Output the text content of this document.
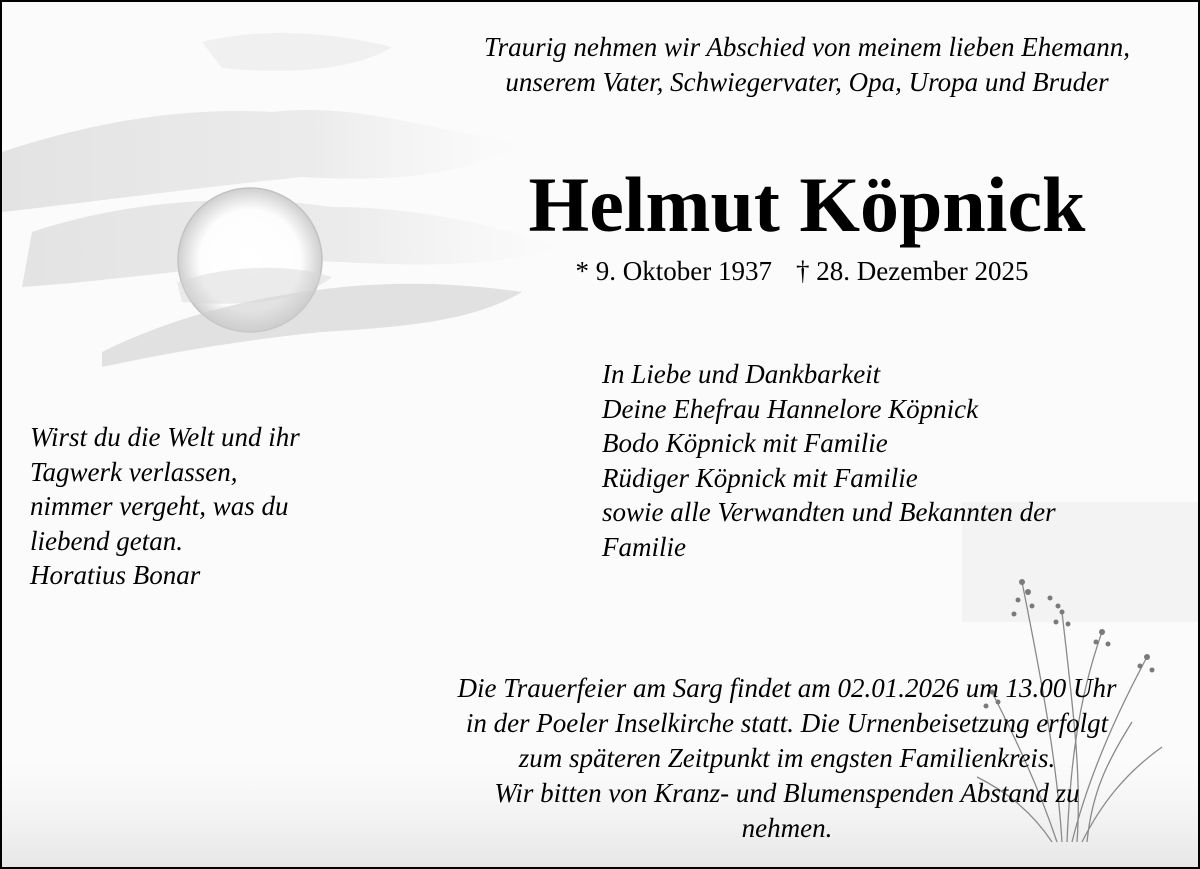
Traurig nehmen wir Abschied von meinem lieben Ehemann,
unserem Vater, Schwiegervater, Opa, Uropa und Bruder
Helmut Köpnick
* 9. Oktober 1937 † 28. Dezember 2025
In Liebe und Dankbarkeit
Deine Ehefrau Hannelore Köpnick
Bodo Köpnick mit Familie
Rüdiger Köpnick mit Familie
sowie alle Verwandten und Bekannten der
Familie
Wirst du die Welt und ihr
Tagwerk verlassen,
nimmer vergeht, was du
liebend getan.
Horatius Bonar
Die Trauerfeier am Sarg findet am 02.01.2026 um 13.00 Uhr
in der Poeler Inselkirche statt. Die Urnenbeisetzung erfolgt
zum späteren Zeitpunkt im engsten Familienkreis.
Wir bitten von Kranz- und Blumenspenden Abstand zu
nehmen.
